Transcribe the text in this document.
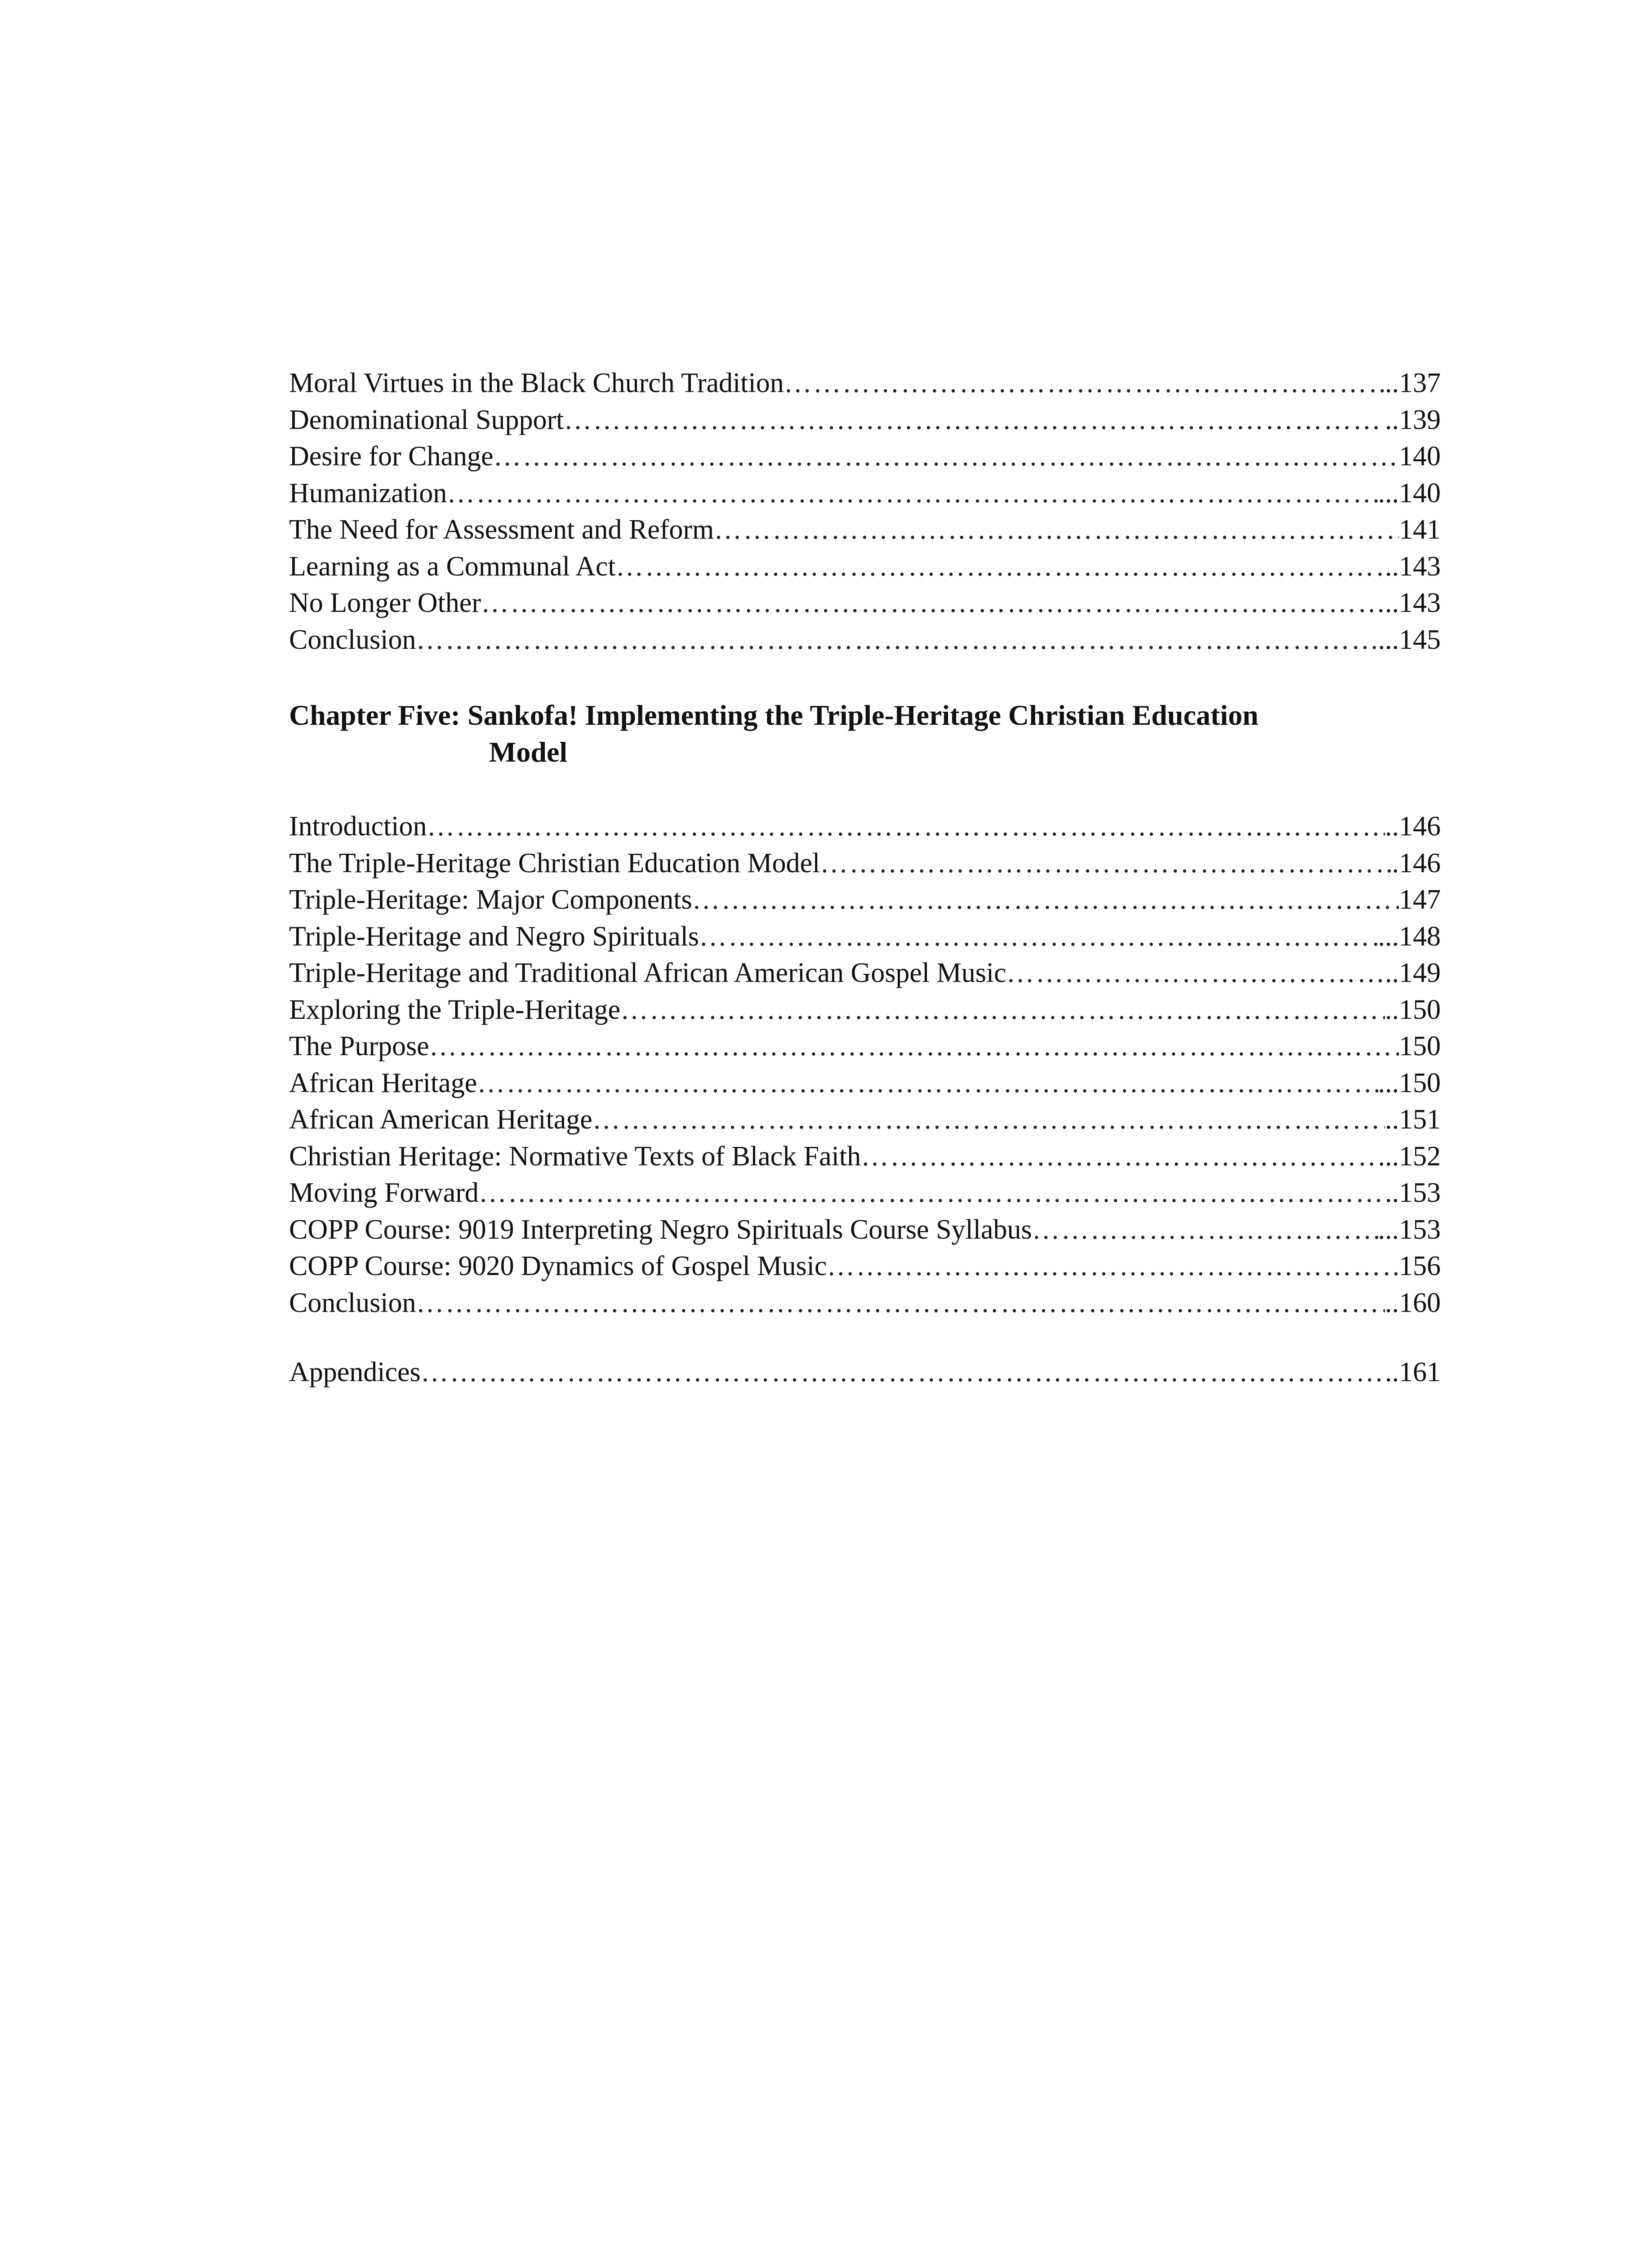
Moral Virtues in the Black Church Tradition ……………………………………………………………………………………………………………………………………………………………………………………………………………………	..137
Denominational Support ……………………………………………………………………………………………………………………………………………………………………………………………………………………	..139
Desire for Change ……………………………………………………………………………………………………………………………………………………………………………………………………………………	140
Humanization ……………………………………………………………………………………………………………………………………………………………………………………………………………………	...140
The Need for Assessment and Reform ……………………………………………………………………………………………………………………………………………………………………………………………………………………	141
Learning as a Communal Act ……………………………………………………………………………………………………………………………………………………………………………………………………………………	..143
No Longer Other ……………………………………………………………………………………………………………………………………………………………………………………………………………………	..143
Conclusion ……………………………………………………………………………………………………………………………………………………………………………………………………………………	...145
Chapter Five: Sankofa! Implementing the Triple-Heritage Christian Education
Model
Introduction ……………………………………………………………………………………………………………………………………………………………………………………………………………………	..146
The Triple-Heritage Christian Education Model ……………………………………………………………………………………………………………………………………………………………………………………………………………………	.146
Triple-Heritage: Major Components ……………………………………………………………………………………………………………………………………………………………………………………………………………………	147
Triple-Heritage and Negro Spirituals ……………………………………………………………………………………………………………………………………………………………………………………………………………………	...148
Triple-Heritage and Traditional African American Gospel Music ……………………………………………………………………………………………………………………………………………………………………………………………………………………	..149
Exploring the Triple-Heritage ……………………………………………………………………………………………………………………………………………………………………………………………………………………	..150
The Purpose ……………………………………………………………………………………………………………………………………………………………………………………………………………………	150
African Heritage ……………………………………………………………………………………………………………………………………………………………………………………………………………………	...150
African American Heritage ……………………………………………………………………………………………………………………………………………………………………………………………………………………	..151
Christian Heritage: Normative Texts of Black Faith ……………………………………………………………………………………………………………………………………………………………………………………………………………………	...152
Moving Forward ……………………………………………………………………………………………………………………………………………………………………………………………………………………	..153
COPP Course: 9019 Interpreting Negro Spirituals Course Syllabus ……………………………………………………………………………………………………………………………………………………………………………………………………………………	...153
COPP Course: 9020 Dynamics of Gospel Music ……………………………………………………………………………………………………………………………………………………………………………………………………………………	156
Conclusion ……………………………………………………………………………………………………………………………………………………………………………………………………………………	..160
Appendices ……………………………………………………………………………………………………………………………………………………………………………………………………………………	..161
